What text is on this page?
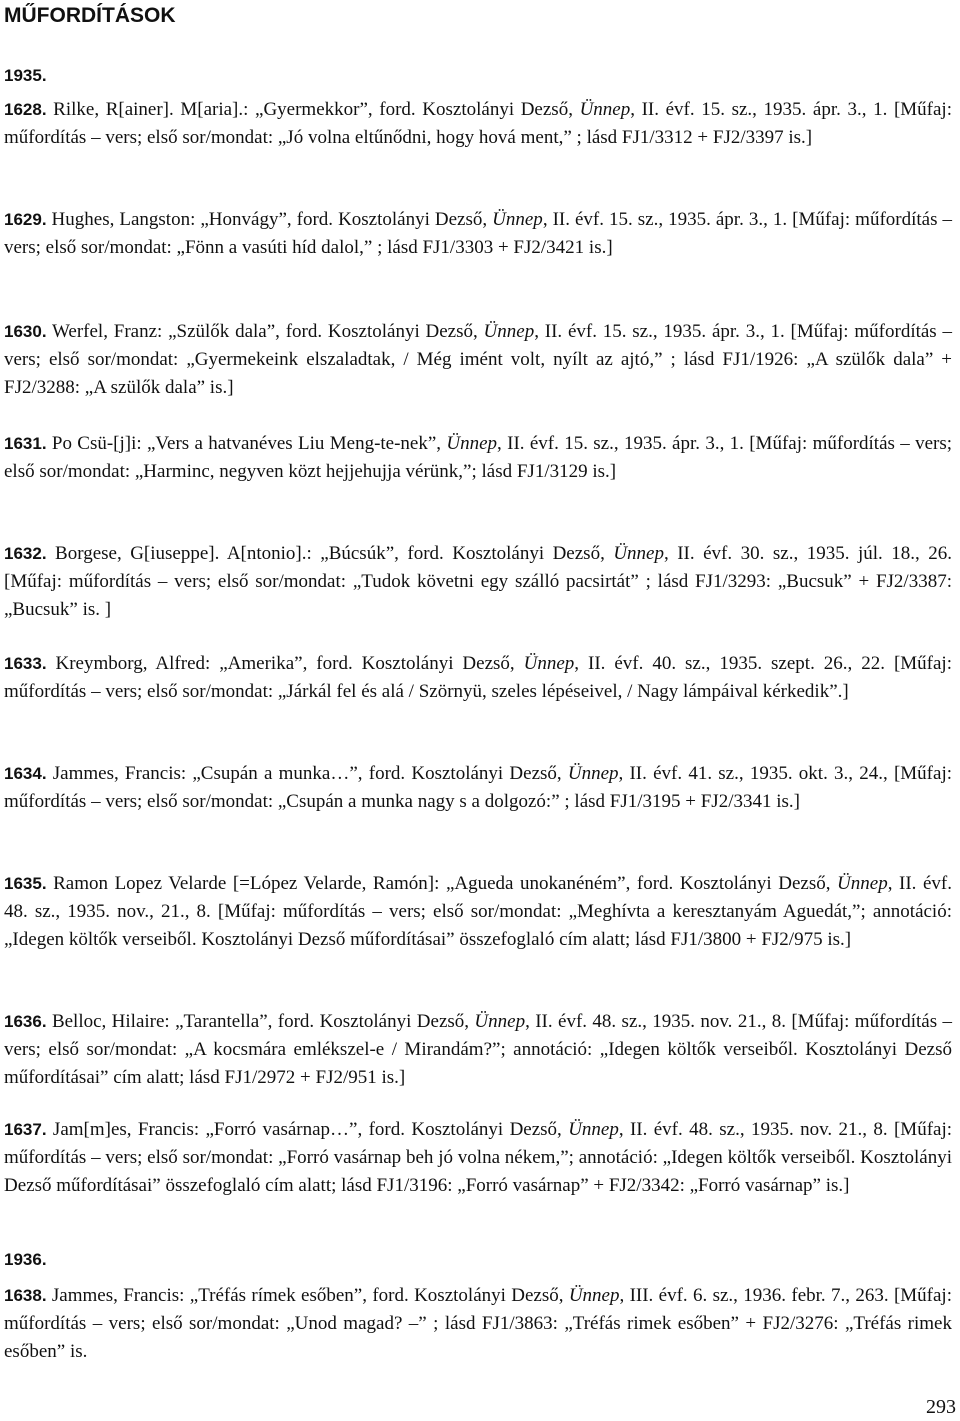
MŰFORDÍTÁSOK
1935.

1628. Rilke, R[ainer]. M[aria].: „Gyermekkor”, ford. Kosztolányi Dezső, Ünnep, II. évf. 15. sz., 1935. ápr. 3., 1. [Műfaj: műfordítás – vers; első sor/mondat: „Jó volna eltűnődni, hogy hová ment,” ; lásd FJ1/3312 + FJ2/3397 is.]

1629. Hughes, Langston: „Honvágy”, ford. Kosztolányi Dezső, Ünnep, II. évf. 15. sz., 1935. ápr. 3., 1. [Műfaj: műfordítás – vers; első sor/mondat: „Fönn a vasúti híd dalol,” ; lásd FJ1/3303 + FJ2/3421 is.]

1630. Werfel, Franz: „Szülők dala”, ford. Kosztolányi Dezső, Ünnep, II. évf. 15. sz., 1935. ápr. 3., 1. [Műfaj: műfordítás – vers; első sor/mondat: „Gyermekeink elszaladtak, / Még imént volt, nyílt az ajtó,” ; lásd FJ1/1926: „A szülők dala” + FJ2/3288: „A szülők dala” is.]

1631. Po Csü-[j]i: „Vers a hatvanéves Liu Meng-te-nek”, Ünnep, II. évf. 15. sz., 1935. ápr. 3., 1. [Műfaj: műfordítás – vers; első sor/mondat: „Harminc, negyven közt hejjehujja vérünk,”; lásd FJ1/3129 is.]

1632. Borgese, G[iuseppe]. A[ntonio].: „Búcsúk”, ford. Kosztolányi Dezső, Ünnep, II. évf. 30. sz., 1935. júl. 18., 26. [Műfaj: műfordítás – vers; első sor/mondat: „Tudok követni egy szálló pacsirtát” ; lásd FJ1/3293: „Bucsuk” + FJ2/3387: „Bucsuk” is. ]

1633. Kreymborg, Alfred: „Amerika”, ford. Kosztolányi Dezső, Ünnep, II. évf. 40. sz., 1935. szept. 26., 22. [Műfaj: műfordítás – vers; első sor/mondat: „Járkál fel és alá / Szörnyü, szeles lépéseivel, / Nagy lámpáival kérkedik”.]

1634. Jammes, Francis: „Csupán a munka…”, ford. Kosztolányi Dezső, Ünnep, II. évf. 41. sz., 1935. okt. 3., 24., [Műfaj: műfordítás – vers; első sor/mondat: „Csupán a munka nagy s a dolgozó:” ; lásd FJ1/3195 + FJ2/3341 is.]

1635. Ramon Lopez Velarde [=López Velarde, Ramón]: „Agueda unokanéném”, ford. Kosztolányi Dezső, Ünnep, II. évf. 48. sz., 1935. nov., 21., 8. [Műfaj: műfordítás – vers; első sor/mondat: „Meghívta a keresztanyám Aguedát,”; annotáció: „Idegen költők verseiből. Kosztolányi Dezső műfordításai” összefoglaló cím alatt; lásd FJ1/3800 + FJ2/975 is.]

1636. Belloc, Hilaire: „Tarantella”, ford. Kosztolányi Dezső, Ünnep, II. évf. 48. sz., 1935. nov. 21., 8. [Műfaj: műfordítás – vers; első sor/mondat: „A kocsmára emlékszel-e / Mirandám?”; annotáció: „Idegen költők verseiből. Kosztolányi Dezső műfordításai” cím alatt; lásd FJ1/2972 + FJ2/951 is.]

1637. Jam[m]es, Francis: „Forró vasárnap…”, ford. Kosztolányi Dezső, Ünnep, II. évf. 48. sz., 1935. nov. 21., 8. [Műfaj: műfordítás – vers; első sor/mondat: „Forró vasárnap beh jó volna nékem,”; annotáció: „Idegen költők verseiből. Kosztolányi Dezső műfordításai” összefoglaló cím alatt; lásd FJ1/3196: „Forró vasárnap” + FJ2/3342: „Forró vasárnap” is.]

1936.

1638. Jammes, Francis: „Tréfás rímek esőben”, ford. Kosztolányi Dezső, Ünnep, III. évf. 6. sz., 1936. febr. 7., 263. [Műfaj: műfordítás – vers; első sor/mondat: „Unod magad? –” ; lásd FJ1/3863: „Tréfás rimek esőben” + FJ2/3276: „Tréfás rimek esőben” is.

293
